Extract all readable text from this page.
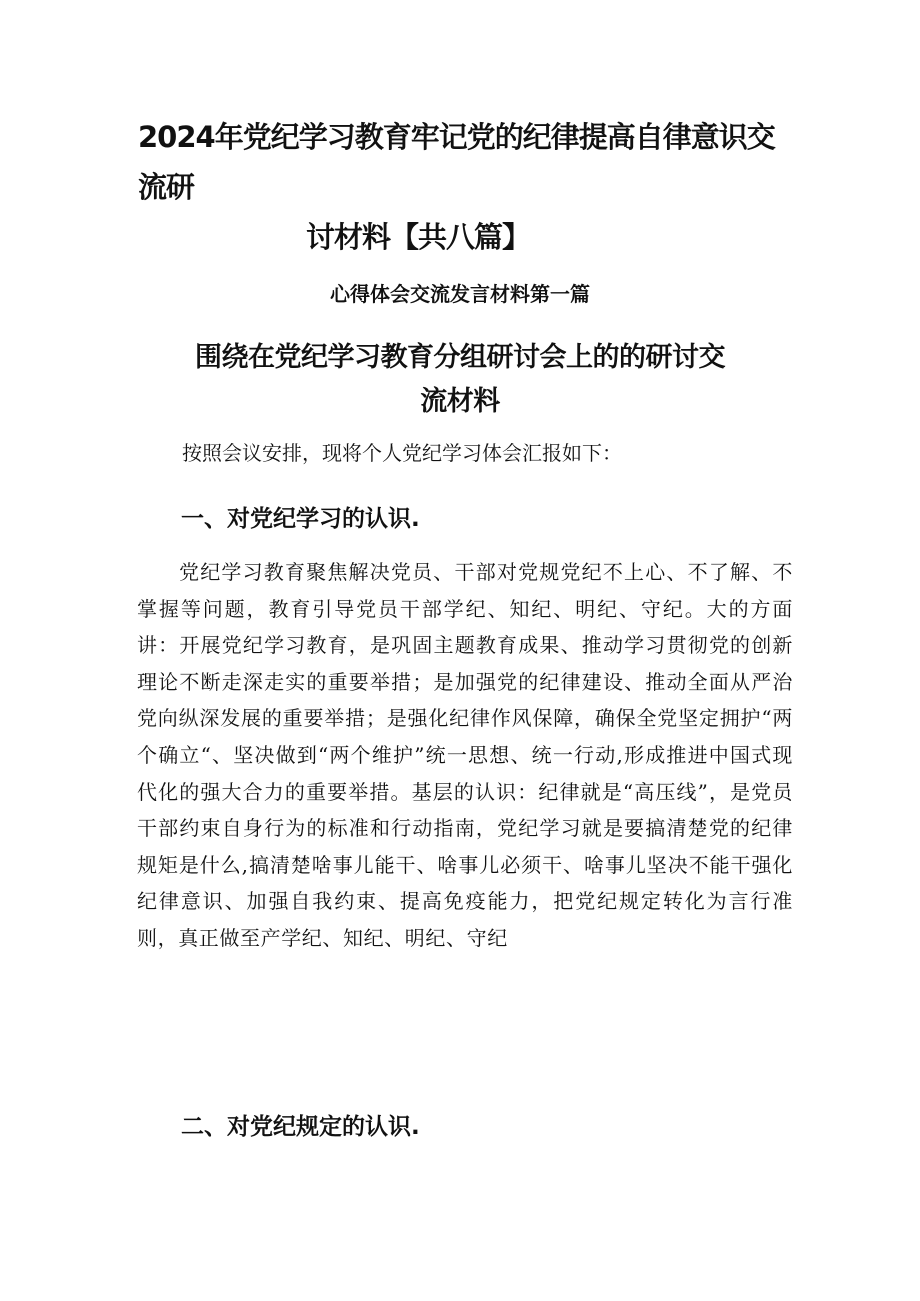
2024年党纪学习教育牢记党的纪律提高自律意识交流研
讨材料【共八篇】

心得体会交流发言材料第一篇

围绕在党纪学习教育分组研讨会上的的研讨交
流材料

按照会议安排，现将个人党纪学习体会汇报如下：

一、对党纪学习的认识.

党纪学习教育聚焦解决党员、干部对党规党纪不上心、不了解、不掌握等问题，教育引导党员干部学纪、知纪、明纪、守纪。大的方面讲：开展党纪学习教育，是巩固主题教育成果、推动学习贯彻党的创新理论不断走深走实的重要举措；是加强党的纪律建设、推动全面从严治党向纵深发展的重要举措；是强化纪律作风保障，确保全党坚定拥护“两个确立“、坚决做到“两个维护”统一思想、统一行动,形成推进中国式现代化的强大合力的重要举措。基层的认识：纪律就是“高压线”，是党员干部约束自身行为的标准和行动指南，党纪学习就是要搞清楚党的纪律规矩是什么,搞清楚啥事儿能干、啥事儿必须干、啥事儿坚决不能干强化纪律意识、加强自我约束、提高免疫能力，把党纪规定转化为言行准则，真正做至产学纪、知纪、明纪、守纪

二、对党纪规定的认识.
